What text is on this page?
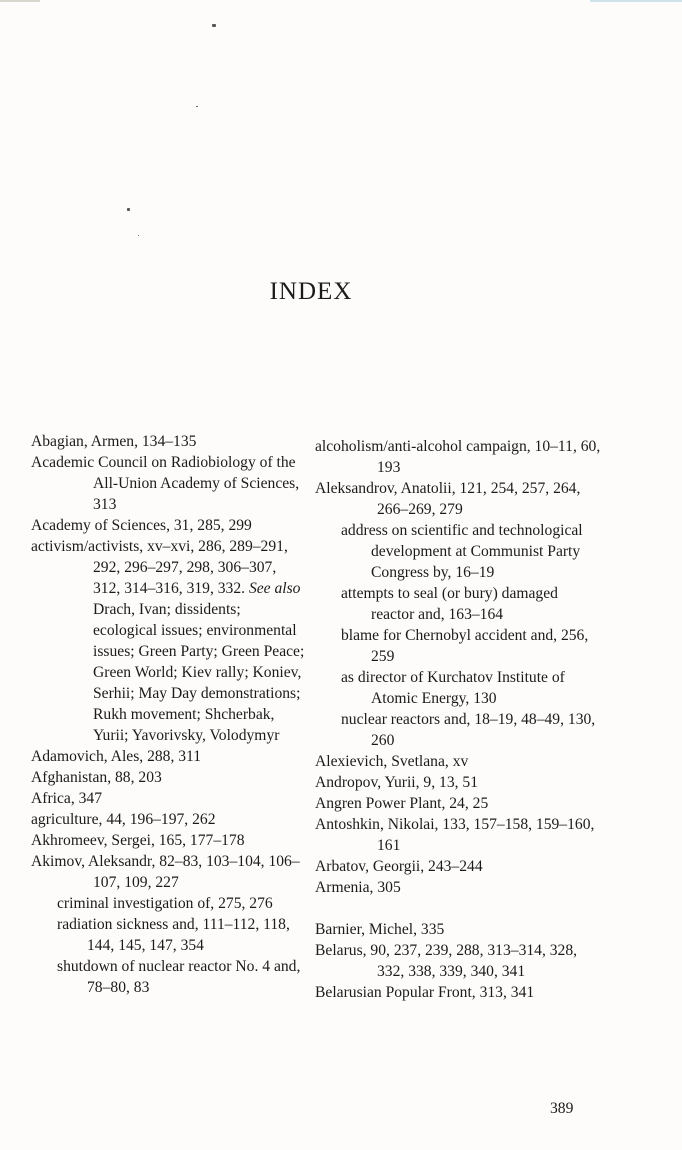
INDEX

Abagian, Armen, 134–135

Academic Council on Radiobiology of the All-Union Academy of Sciences, 313

Academy of Sciences, 31, 285, 299

activism/activists, xv–xvi, 286, 289–291, 292, 296–297, 298, 306–307, 312, 314–316, 319, 332. See also Drach, Ivan; dissidents; ecological issues; environmental issues; Green Party; Green Peace; Green World; Kiev rally; Koniev, Serhii; May Day demonstrations; Rukh movement; Shcherbak, Yurii; Yavorivsky, Volodymyr

Adamovich, Ales, 288, 311

Afghanistan, 88, 203

Africa, 347

agriculture, 44, 196–197, 262

Akhromeev, Sergei, 165, 177–178

Akimov, Aleksandr, 82–83, 103–104, 106–107, 109, 227

criminal investigation of, 275, 276

radiation sickness and, 111–112, 118, 144, 145, 147, 354

shutdown of nuclear reactor No. 4 and, 78–80, 83

alcoholism/anti-alcohol campaign, 10–11, 60, 193

Aleksandrov, Anatolii, 121, 254, 257, 264, 266–269, 279

address on scientific and technological development at Communist Party Congress by, 16–19

attempts to seal (or bury) damaged reactor and, 163–164

blame for Chernobyl accident and, 256, 259

as director of Kurchatov Institute of Atomic Energy, 130

nuclear reactors and, 18–19, 48–49, 130, 260

Alexievich, Svetlana, xv

Andropov, Yurii, 9, 13, 51

Angren Power Plant, 24, 25

Antoshkin, Nikolai, 133, 157–158, 159–160, 161

Arbatov, Georgii, 243–244

Armenia, 305

Barnier, Michel, 335

Belarus, 90, 237, 239, 288, 313–314, 328, 332, 338, 339, 340, 341

Belarusian Popular Front, 313, 341

389
